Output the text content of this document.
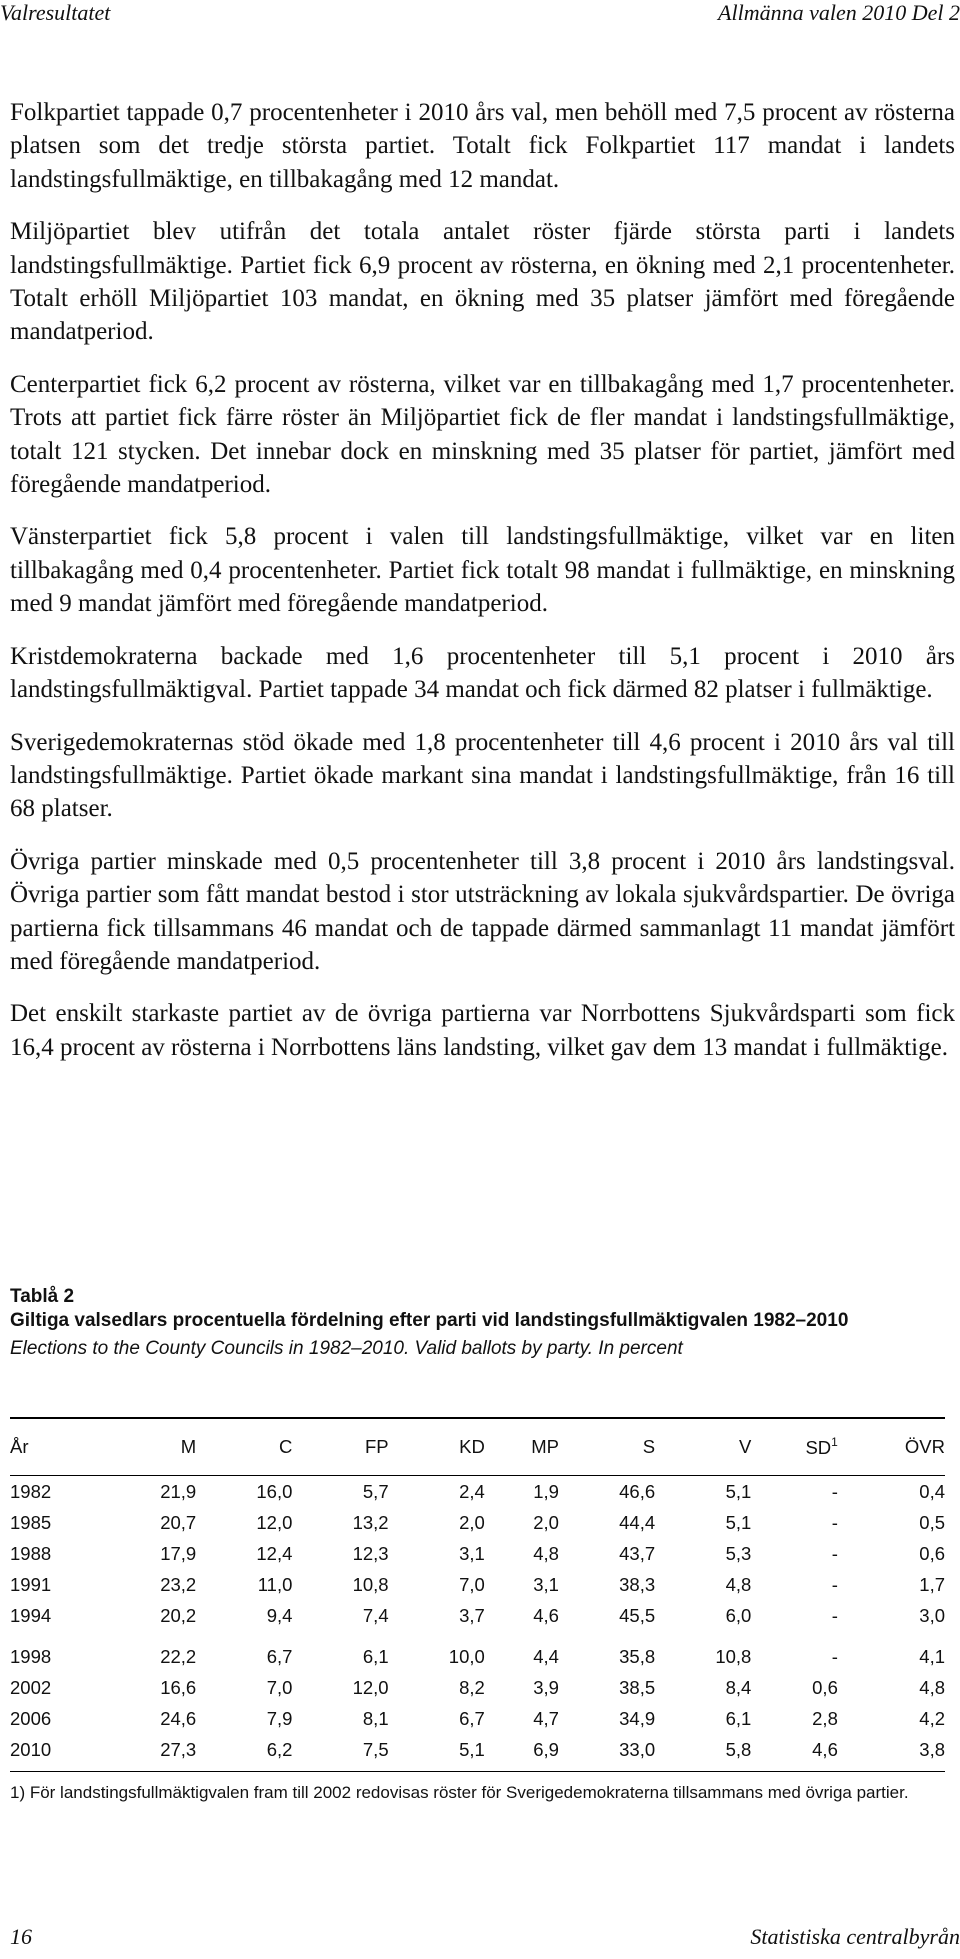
Valresultatet	Allmänna valen 2010 Del 2

Folkpartiet tappade 0,7 procentenheter i 2010 års val, men behöll med 7,5 procent av rösterna platsen som det tredje största partiet. Totalt fick Folkpartiet 117 mandat i landets landstingsfullmäktige, en tillbakagång med 12 mandat.

Miljöpartiet blev utifrån det totala antalet röster fjärde största parti i landets landstingsfullmäktige. Partiet fick 6,9 procent av rösterna, en ökning med 2,1 procentenheter. Totalt erhöll Miljöpartiet 103 mandat, en ökning med 35 platser jämfört med föregående mandatperiod.

Centerpartiet fick 6,2 procent av rösterna, vilket var en tillbakagång med 1,7 procentenheter. Trots att partiet fick färre röster än Miljöpartiet fick de fler mandat i landstingsfullmäktige, totalt 121 stycken. Det innebar dock en minskning med 35 platser för partiet, jämfört med föregående mandatperiod.

Vänsterpartiet fick 5,8 procent i valen till landstingsfullmäktige, vilket var en liten tillbakagång med 0,4 procentenheter. Partiet fick totalt 98 mandat i fullmäktige, en minskning med 9 mandat jämfört med föregående mandatperiod.

Kristdemokraterna backade med 1,6 procentenheter till 5,1 procent i 2010 års landstingsfullmäktigval. Partiet tappade 34 mandat och fick därmed 82 platser i fullmäktige.

Sverigedemokraternas stöd ökade med 1,8 procentenheter till 4,6 procent i 2010 års val till landstingsfullmäktige. Partiet ökade markant sina mandat i landstingsfullmäktige, från 16 till 68 platser.

Övriga partier minskade med 0,5 procentenheter till 3,8 procent i 2010 års landstingsval. Övriga partier som fått mandat bestod i stor utsträckning av lokala sjukvårdspartier. De övriga partierna fick tillsammans 46 mandat och de tappade därmed sammanlagt 11 mandat jämfört med föregående mandatperiod.

Det enskilt starkaste partiet av de övriga partierna var Norrbottens Sjukvårdsparti som fick 16,4 procent av rösterna i Norrbottens läns landsting, vilket gav dem 13 mandat i fullmäktige.

Tablå 2
Giltiga valsedlars procentuella fördelning efter parti vid landstingsfullmäktigvalen 1982–2010
Elections to the County Councils in 1982–2010. Valid ballots by party. In percent
År	M	C	FP	KD	MP	S	V	$SD^1$	ÖVR
1982	21,9	16,0	5,7	2,4	1,9	46,6	5,1	-	0,4
1985	20,7	12,0	13,2	2,0	2,0	44,4	5,1	-	0,5
1988	17,9	12,4	12,3	3,1	4,8	43,7	5,3	-	0,6
1991	23,2	11,0	10,8	7,0	3,1	38,3	4,8	-	1,7
1994	20,2	9,4	7,4	3,7	4,6	45,5	6,0	-	3,0
1998	22,2	6,7	6,1	10,0	4,4	35,8	10,8	-	4,1
2002	16,6	7,0	12,0	8,2	3,9	38,5	8,4	0,6	4,8
2006	24,6	7,9	8,1	6,7	4,7	34,9	6,1	2,8	4,2
2010	27,3	6,2	7,5	5,1	6,9	33,0	5,8	4,6	3,8
1) För landstingsfullmäktigvalen fram till 2002 redovisas röster för Sverigedemokraterna tillsammans med övriga partier.
16	Statistiska centralbyrån
